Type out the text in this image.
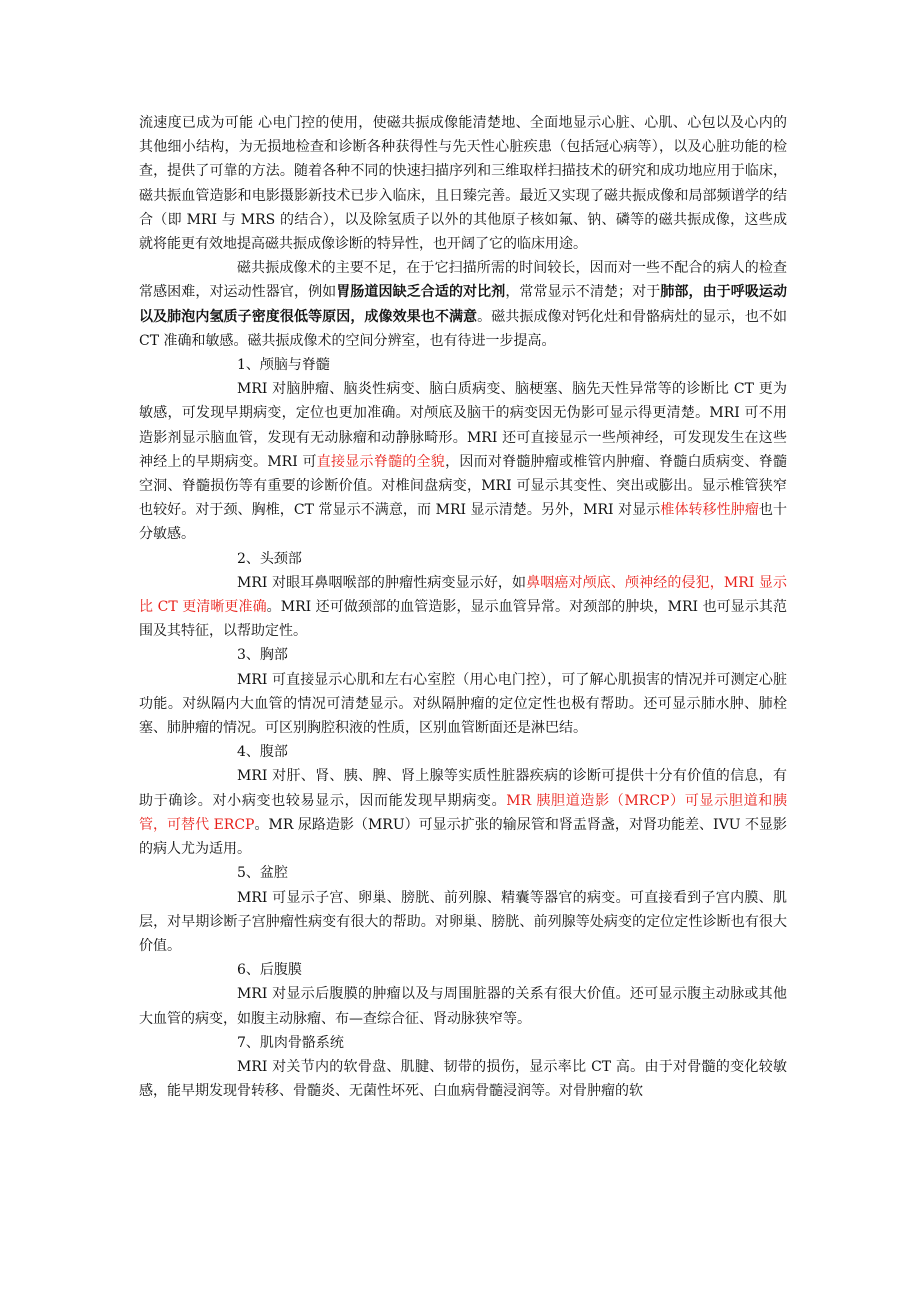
流速度已成为可能 心电门控的使用，使磁共振成像能清楚地、全面地显示心脏、心肌、心包以及心内的其他细小结构，为无损地检查和诊断各种获得性与先天性心脏疾患（包括冠心病等），以及心脏功能的检查，提供了可靠的方法。随着各种不同的快速扫描序列和三维取样扫描技术的研究和成功地应用于临床，磁共振血管造影和电影摄影新技术已步入临床，且日臻完善。最近又实现了磁共振成像和局部频谱学的结合（即 MRI 与 MRS 的结合），以及除氢质子以外的其他原子核如氟、钠、磷等的磁共振成像，这些成就将能更有效地提高磁共振成像诊断的特异性，也开阔了它的临床用途。

磁共振成像术的主要不足，在于它扫描所需的时间较长，因而对一些不配合的病人的检查常感困难，对运动性器官，例如胃肠道因缺乏合适的对比剂，常常显示不清楚；对于肺部，由于呼吸运动以及肺泡内氢质子密度很低等原因，成像效果也不满意。磁共振成像对钙化灶和骨骼病灶的显示，也不如 CT 准确和敏感。磁共振成像术的空间分辨室，也有待进一步提高。

1、颅脑与脊髓

MRI 对脑肿瘤、脑炎性病变、脑白质病变、脑梗塞、脑先天性异常等的诊断比 CT 更为敏感，可发现早期病变，定位也更加准确。对颅底及脑干的病变因无伪影可显示得更清楚。MRI 可不用造影剂显示脑血管，发现有无动脉瘤和动静脉畸形。MRI 还可直接显示一些颅神经，可发现发生在这些神经上的早期病变。MRI 可直接显示脊髓的全貌，因而对脊髓肿瘤或椎管内肿瘤、脊髓白质病变、脊髓空洞、脊髓损伤等有重要的诊断价值。对椎间盘病变，MRI 可显示其变性、突出或膨出。显示椎管狭窄也较好。对于颈、胸椎，CT 常显示不满意，而 MRI 显示清楚。另外，MRI 对显示椎体转移性肿瘤也十分敏感。

2、头颈部

MRI 对眼耳鼻咽喉部的肿瘤性病变显示好，如鼻咽癌对颅底、颅神经的侵犯，MRI 显示比 CT 更清晰更准确。MRI 还可做颈部的血管造影，显示血管异常。对颈部的肿块，MRI 也可显示其范围及其特征，以帮助定性。

3、胸部

MRI 可直接显示心肌和左右心室腔（用心电门控），可了解心肌损害的情况并可测定心脏功能。对纵隔内大血管的情况可清楚显示。对纵隔肿瘤的定位定性也极有帮助。还可显示肺水肿、肺栓塞、肺肿瘤的情况。可区别胸腔积液的性质，区别血管断面还是淋巴结。

4、腹部

MRI 对肝、肾、胰、脾、肾上腺等实质性脏器疾病的诊断可提供十分有价值的信息，有助于确诊。对小病变也较易显示，因而能发现早期病变。MR 胰胆道造影（MRCP）可显示胆道和胰管，可替代 ERCP。MR 尿路造影（MRU）可显示扩张的输尿管和肾盂肾盏，对肾功能差、IVU 不显影的病人尤为适用。

5、盆腔

MRI 可显示子宫、卵巢、膀胱、前列腺、精囊等器官的病变。可直接看到子宫内膜、肌层，对早期诊断子宫肿瘤性病变有很大的帮助。对卵巢、膀胱、前列腺等处病变的定位定性诊断也有很大价值。

6、后腹膜

MRI 对显示后腹膜的肿瘤以及与周围脏器的关系有很大价值。还可显示腹主动脉或其他大血管的病变，如腹主动脉瘤、布—查综合征、肾动脉狭窄等。

7、肌肉骨骼系统

MRI 对关节内的软骨盘、肌腱、韧带的损伤，显示率比 CT 高。由于对骨髓的变化较敏感，能早期发现骨转移、骨髓炎、无菌性坏死、白血病骨髓浸润等。对骨肿瘤的软
